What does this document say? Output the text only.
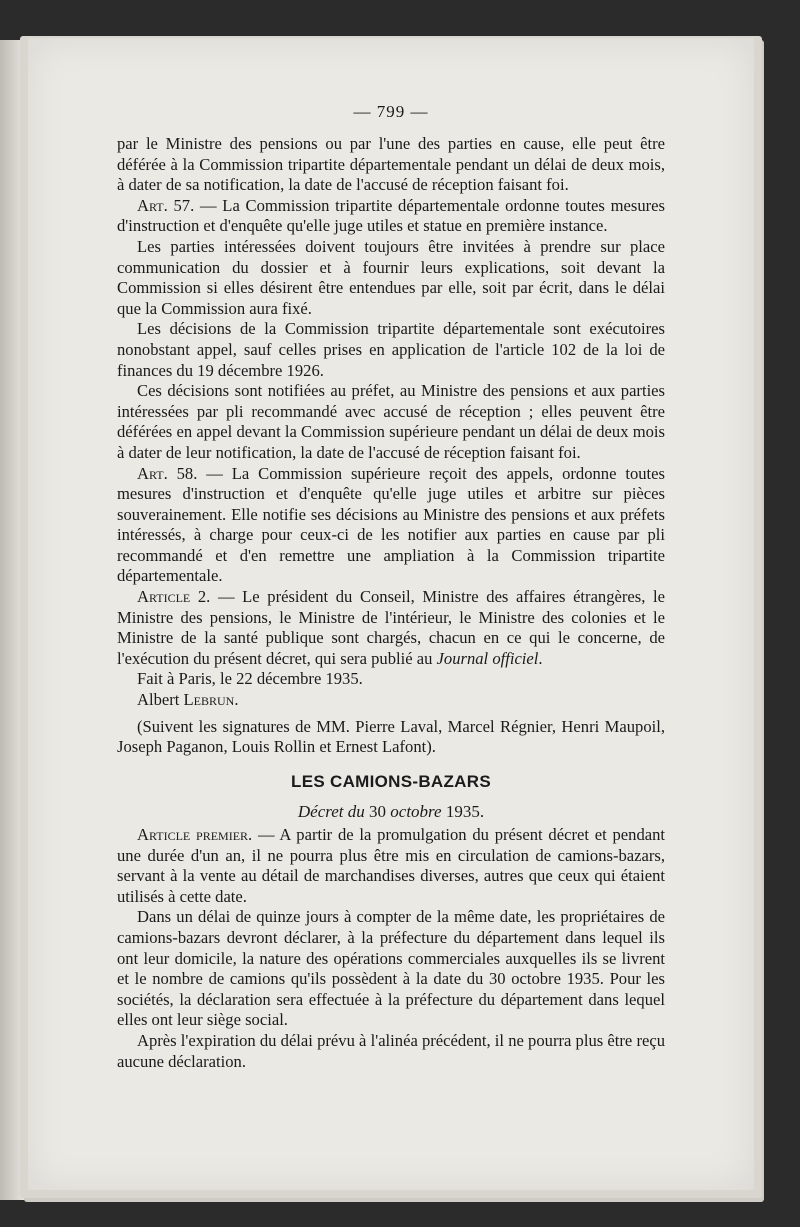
— 799 —

par le Ministre des pensions ou par l'une des parties en cause, elle peut être déférée à la Commission tripartite départementale pendant un délai de deux mois, à dater de sa notification, la date de l'accusé de réception faisant foi.

Art. 57. — La Commission tripartite départementale ordonne toutes mesures d'instruction et d'enquête qu'elle juge utiles et statue en première instance.

Les parties intéressées doivent toujours être invitées à prendre sur place communication du dossier et à fournir leurs explications, soit devant la Commission si elles désirent être entendues par elle, soit par écrit, dans le délai que la Commission aura fixé.

Les décisions de la Commission tripartite départementale sont exécutoires nonobstant appel, sauf celles prises en application de l'article 102 de la loi de finances du 19 décembre 1926.

Ces décisions sont notifiées au préfet, au Ministre des pensions et aux parties intéressées par pli recommandé avec accusé de réception ; elles peuvent être déférées en appel devant la Commission supérieure pendant un délai de deux mois à dater de leur notification, la date de l'accusé de réception faisant foi.

Art. 58. — La Commission supérieure reçoit des appels, ordonne toutes mesures d'instruction et d'enquête qu'elle juge utiles et arbitre sur pièces souverainement. Elle notifie ses décisions au Ministre des pensions et aux préfets intéressés, à charge pour ceux-ci de les notifier aux parties en cause par pli recommandé et d'en remettre une ampliation à la Commission tripartite départementale.

Article 2. — Le président du Conseil, Ministre des affaires étrangères, le Ministre des pensions, le Ministre de l'intérieur, le Ministre des colonies et le Ministre de la santé publique sont chargés, chacun en ce qui le concerne, de l'exécution du présent décret, qui sera publié au Journal officiel.

Fait à Paris, le 22 décembre 1935.

Albert Lebrun.

(Suivent les signatures de MM. Pierre Laval, Marcel Régnier, Henri Maupoil, Joseph Paganon, Louis Rollin et Ernest Lafont).

LES CAMIONS-BAZARS
Décret du 30 octobre 1935.

Article premier. — A partir de la promulgation du présent décret et pendant une durée d'un an, il ne pourra plus être mis en circulation de camions-bazars, servant à la vente au détail de marchandises diverses, autres que ceux qui étaient utilisés à cette date.

Dans un délai de quinze jours à compter de la même date, les propriétaires de camions-bazars devront déclarer, à la préfecture du département dans lequel ils ont leur domicile, la nature des opérations commerciales auxquelles ils se livrent et le nombre de camions qu'ils possèdent à la date du 30 octobre 1935. Pour les sociétés, la déclaration sera effectuée à la préfecture du département dans lequel elles ont leur siège social.

Après l'expiration du délai prévu à l'alinéa précédent, il ne pourra plus être reçu aucune déclaration.
